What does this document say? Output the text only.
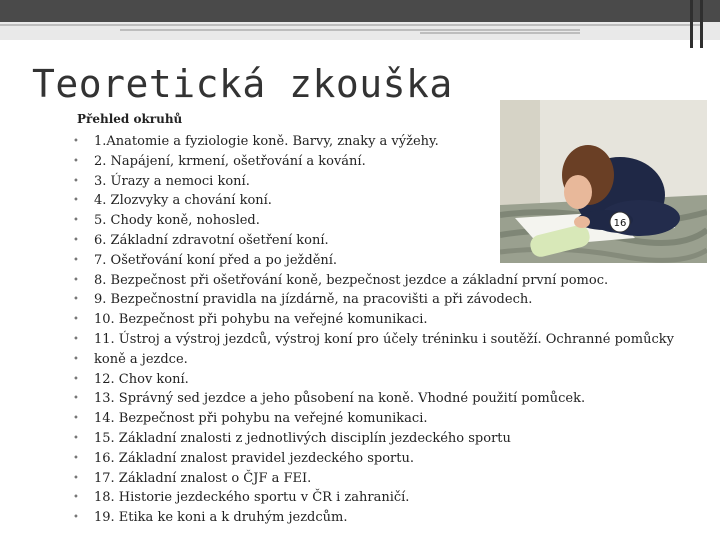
Teoretická zkouška
16
Přehled okruhů
• 1.Anatomie a fyziologie koně. Barvy, znaky a výžehy.
• 2. Napájení, krmení, ošetřování a kování.
• 3. Úrazy a nemoci koní.
• 4. Zlozvyky a chování koní.
• 5. Chody koně, nohosled.
• 6. Základní zdravotní ošetření koní.
• 7. Ošetřování koní před a po ježdění.
• 8. Bezpečnost při ošetřování koně, bezpečnost jezdce a základní první pomoc.
• 9. Bezpečnostní pravidla na jízdárně, na pracovišti a při závodech.
• 10. Bezpečnost při pohybu na veřejné komunikaci.
• 11. Ústroj a výstroj jezdců, výstroj koní pro účely tréninku i soutěží. Ochranné pomůcky
• koně a jezdce.
• 12. Chov koní.
• 13. Správný sed jezdce a jeho působení na koně. Vhodné použití pomůcek.
• 14. Bezpečnost při pohybu na veřejné komunikaci.
• 15. Základní znalosti z jednotlivých disciplín jezdeckého sportu
• 16. Základní znalost pravidel jezdeckého sportu.
• 17. Základní znalost o ČJF a FEI.
• 18. Historie jezdeckého sportu v ČR i zahraničí.
• 19. Etika ke koni a k druhým jezdcům.
